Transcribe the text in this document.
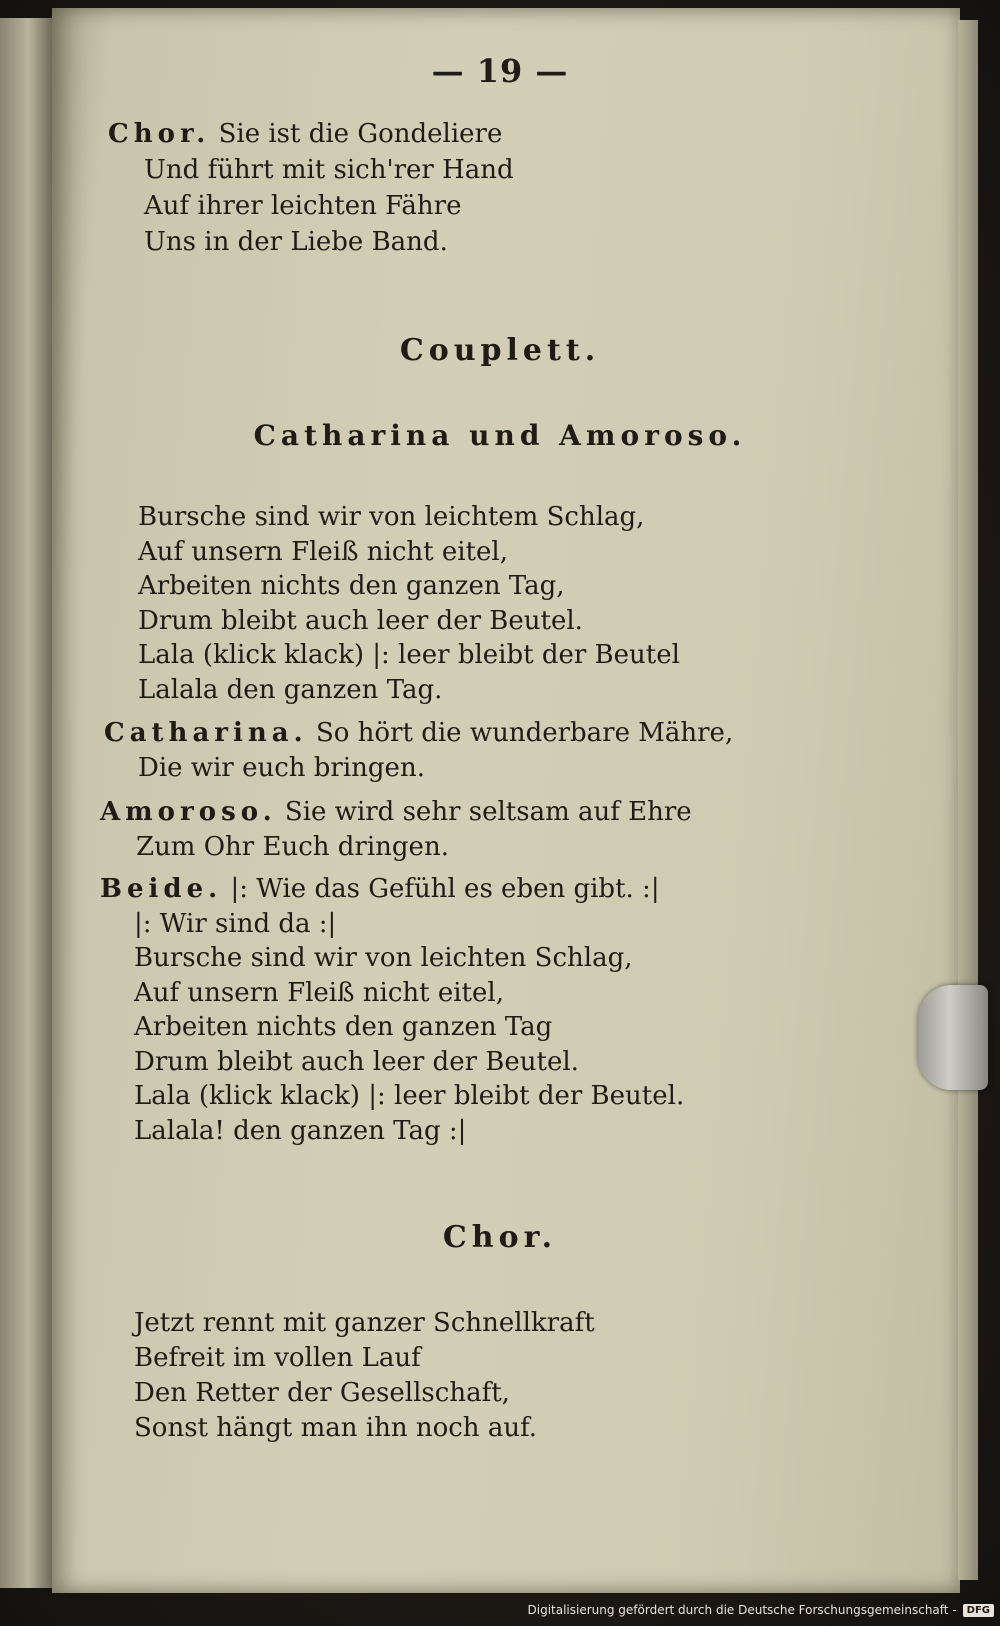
— 19 —
Chor. Sie ist die Gondeliere
Und führt mit sich'rer Hand
Auf ihrer leichten Fähre
Uns in der Liebe Band.
Couplett.
Catharina und Amoroso.
Bursche sind wir von leichtem Schlag,
Auf unsern Fleiß nicht eitel,
Arbeiten nichts den ganzen Tag,
Drum bleibt auch leer der Beutel.
Lala (klick klack) |: leer bleibt der Beutel
Lalala den ganzen Tag.
Catharina. So hört die wunderbare Mähre,
Die wir euch bringen.
Amoroso. Sie wird sehr seltsam auf Ehre
Zum Ohr Euch dringen.
Beide. |: Wie das Gefühl es eben gibt. :|
|: Wir sind da :|
Bursche sind wir von leichten Schlag,
Auf unsern Fleiß nicht eitel,
Arbeiten nichts den ganzen Tag
Drum bleibt auch leer der Beutel.
Lala (klick klack) |: leer bleibt der Beutel.
Lalala! den ganzen Tag :|
Chor.
Jetzt rennt mit ganzer Schnellkraft
Befreit im vollen Lauf
Den Retter der Gesellschaft,
Sonst hängt man ihn noch auf.
Digitalisierung gefördert durch die Deutsche Forschungsgemeinschaft -	DFG
